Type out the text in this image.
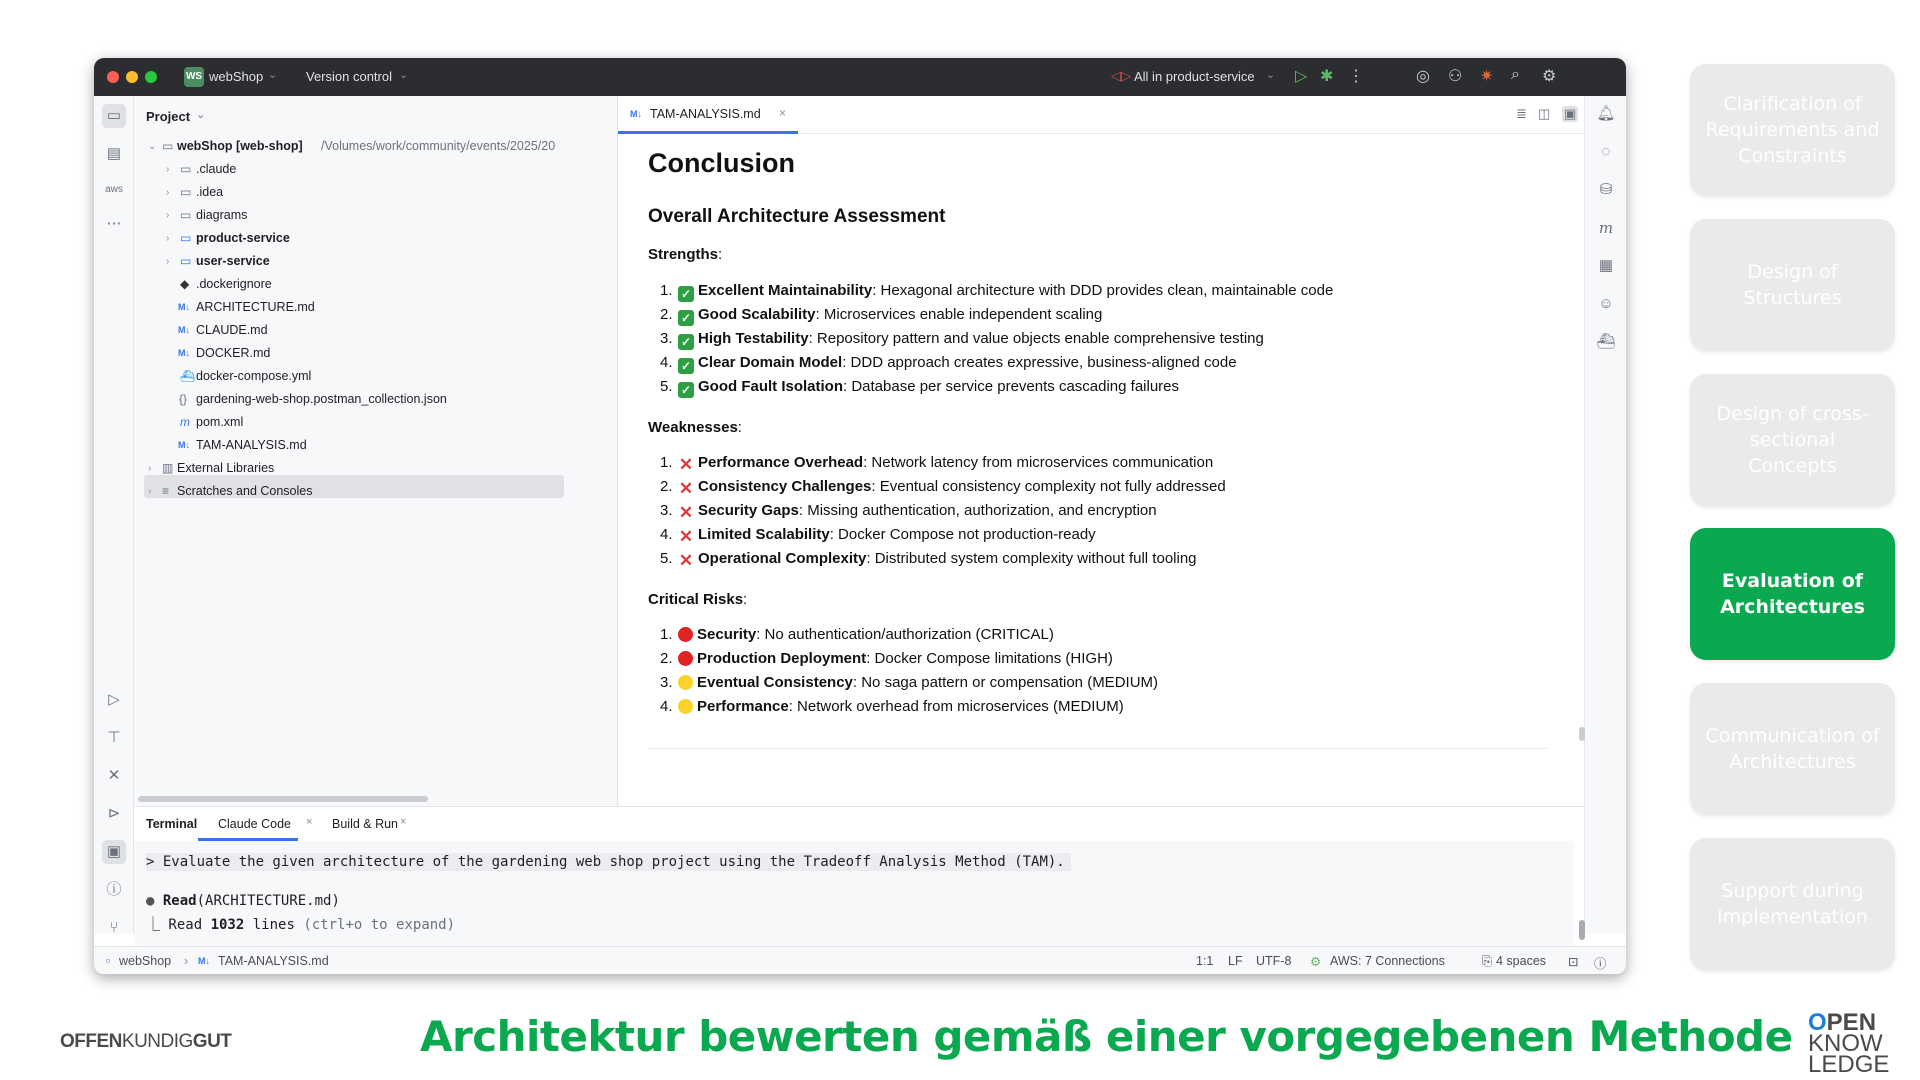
WS webShop ⌄ Version control ⌄	◁▷ All in product-service ⌄ ▷ ✱ ⋮	◎ ⚇ ✷ ⌕ ⚙
▭
▤
aws
⋯
▷
⊤
✕
⊳
▣
ⓘ
⑂
Project ⌄
⌄ ▭ webShop [web-shop] /Volumes/work/community/events/2025/20
› ▭ .claude
› ▭ .idea
› ▭ diagrams
› ▭ product-service
› ▭ user-service
◆ .dockerignore
M↓ ARCHITECTURE.md
M↓ CLAUDE.md
M↓ DOCKER.md
⛴ docker-compose.yml
{} gardening-web-shop.postman_collection.json
m pom.xml
M↓ TAM-ANALYSIS.md
› ▥ External Libraries
› ≡ Scratches and Consoles
M↓ TAM-ANALYSIS.md ×	≣ ◫ ▣
Conclusion
Overall Architecture Assessment
Strengths:
1. ✓ Excellent Maintainability: Hexagonal architecture with DDD provides clean, maintainable code
2. ✓ Good Scalability: Microservices enable independent scaling
3. ✓ High Testability: Repository pattern and value objects enable comprehensive testing
4. ✓ Clear Domain Model: DDD approach creates expressive, business-aligned code
5. ✓ Good Fault Isolation: Database per service prevents cascading failures
Weaknesses:
1. ✕ Performance Overhead: Network latency from microservices communication
2. ✕ Consistency Challenges: Eventual consistency complexity not fully addressed
3. ✕ Security Gaps: Missing authentication, authorization, and encryption
4. ✕ Limited Scalability: Docker Compose not production-ready
5. ✕ Operational Complexity: Distributed system complexity without full tooling
Critical Risks:
1. Security: No authentication/authorization (CRITICAL)
2. Production Deployment: Docker Compose limitations (HIGH)
3. Eventual Consistency: No saga pattern or compensation (MEDIUM)
4. Performance: Network overhead from microservices (MEDIUM)
🔔︎
◌
⛁
m
▦
☺
⛴
Terminal Claude Code × Build & Run ×
> Evaluate the given architecture of the gardening web shop project using the Tradeoff Analysis Method (TAM).
● Read(ARCHITECTURE.md)
⎿ Read 1032 lines (ctrl+o to expand)
▫ webShop › M↓ TAM-ANALYSIS.md	1:1 LF UTF-8 ⚙ AWS: 7 Connections	⎘ 4 spaces ⊡ ⓘ
Clarification of Requirements and Constraints
Design of Structures
Design of cross-sectional Concepts
Evaluation of Architectures
Communication of Architectures
Support during Implementation
OFFENKUNDIGGUT	Architektur bewerten gemäß einer vorgegebenen Methode OPEN
KNOW
LEDGE
